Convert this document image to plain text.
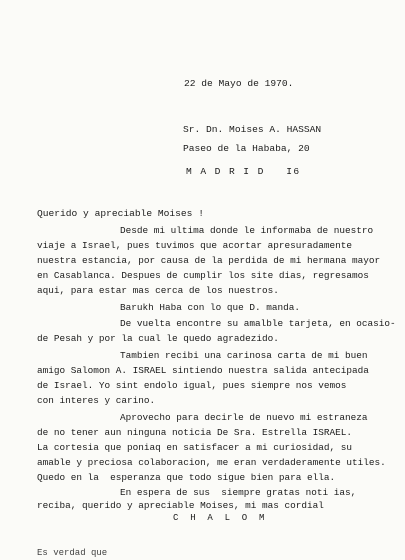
22 de Mayo de 1970.
Sr. Dn. Moises A. HASSAN
Paseo de la Hababa, 20
M A D R I D   I6
Querido y apreciable Moises !
Desde mi ultima donde le informaba de nuestro
viaje a Israel, pues tuvimos que acortar apresuradamente
nuestra estancia, por causa de la perdida de mi hermana mayor
en Casablanca. Despues de cumplir los site dias, regresamos
aqui, para estar mas cerca de los nuestros.
Barukh Haba con lo que D. manda.
De vuelta encontre su amalble tarjeta, en ocasio-
de Pesah y por la cual le quedo agradezido.
Tambien recibi una carinosa carta de mi buen
amigo Salomon A. ISRAEL sintiendo nuestra salida antecipada
de Israel. Yo sint endolo igual, pues siempre nos vemos
con interes y carino.
Aprovecho para decirle de nuevo mi estraneza
de no tener aun ninguna noticia De Sra. Estrella ISRAEL.
La cortesia que poniaq en satisfacer a mi curiosidad, su
amable y preciosa colaboracion, me eran verdaderamente utiles.
Quedo en la  esperanza que todo sigue bien para ella.
En espera de sus  siempre gratas noti ias,
reciba, querido y apreciable Moises, mi mas cordial
C H A L O M
Es verdad que
